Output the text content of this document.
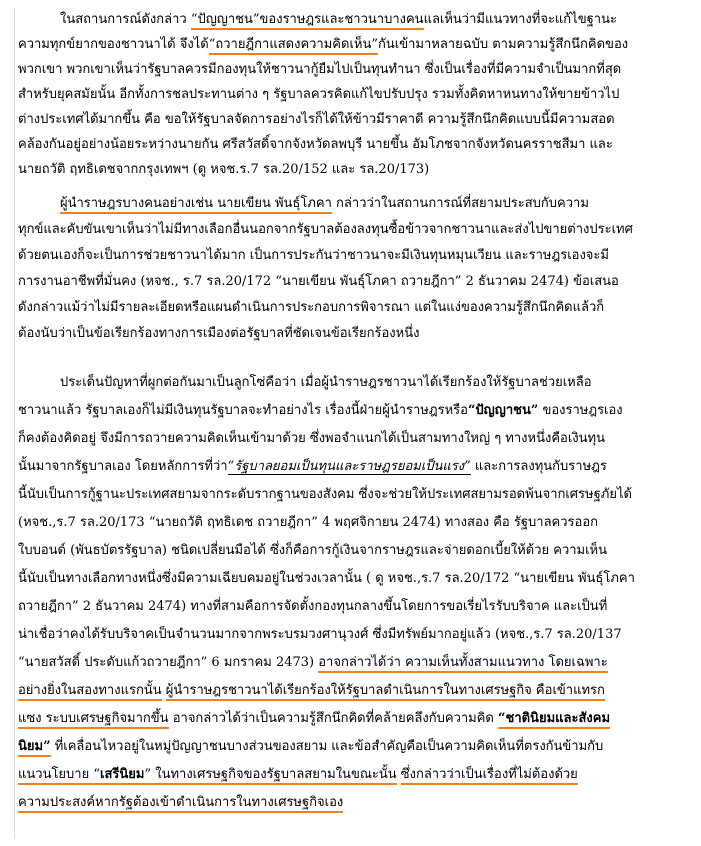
ในสถานการณ์ดังกล่าว “ปัญญาชน”ของราษฎรและชาวนาบางคนแลเห็นว่ามีแนวทางที่จะแก้ไขฐานะ
ความทุกข์ยากของชาวนาได้ จึงได้“ถวายฎีกาแสดงความคิดเห็น”กันเข้ามาหลายฉบับ ตามความรู้สึกนึกคิดของ
พวกเขา พวกเขาเห็นว่ารัฐบาลควรมีกองทุนให้ชาวนากู้ยืมไปเป็นทุนทำนา ซึ่งเป็นเรื่องที่มีความจำเป็นมากที่สุด
สำหรับยุคสมัยนั้น อีกทั้งการชลประทานต่าง ๆ รัฐบาลควรคิดแก้ไขปรับปรุง รวมทั้งคิดหาหนทางให้ขายข้าวไป
ต่างประเทศได้มากขึ้น คือ ขอให้รัฐบาลจัดการอย่างไรก็ได้ให้ข้าวมีราคาดี ความรู้สึกนึกคิดแบบนี้มีความสอด
คล้องกันอยู่อย่างน้อยระหว่างนายกัน ศรีสวัสดิ์จากจังหวัดลพบุรี นายขึ้น อัมโภชจากจังหวัดนครราชสีมา และ
นายถวัติ ฤทธิเดชจากกรุงเทพฯ (ดู หจช.ร.7 รล.20/152 และ รล.20/173)
ผู้นำราษฎรบางคนอย่างเช่น นายเขียน พันธุ์โภคา กล่าวว่าในสถานการณ์ที่สยามประสบกับความ
ทุกข์และคับขันเขาเห็นว่าไม่มีทางเลือกอื่นนอกจากรัฐบาลต้องลงทุนซื้อข้าวจากชาวนาและส่งไปขายต่างประเทศ
ด้วยตนเองก็จะเป็นการช่วยชาวนาได้มาก เป็นการประกันว่าชาวนาจะมีเงินทุนหมุนเวียน และราษฎรเองจะมี
การงานอาชีพที่มั่นคง (หจช., ร.7 รล.20/172 “นายเขียน พันธุ์โภคา ถวายฎีกา” 2 ธันวาคม 2474) ข้อเสนอ
ดังกล่าวแม้ว่าไม่มีรายละเอียดหรือแผนดำเนินการประกอบการพิจารณา แต่ในแง่ของความรู้สึกนึกคิดแล้วก็
ต้องนับว่าเป็นข้อเรียกร้องทางการเมืองต่อรัฐบาลที่ชัดเจนข้อเรียกร้องหนึ่ง
ประเด็นปัญหาที่ผูกต่อกันมาเป็นลูกโซ่คือว่า เมื่อผู้นำราษฎรชาวนาได้เรียกร้องให้รัฐบาลช่วยเหลือ
ชาวนาแล้ว รัฐบาลเองก็ไม่มีเงินทุนรัฐบาลจะทำอย่างไร เรื่องนี้ฝ่ายผู้นำราษฎรหรือ“ปัญญาชน” ของราษฎรเอง
ก็คงต้องคิดอยู่ จึงมีการถวายความคิดเห็นเข้ามาด้วย ซึ่งพอจำแนกได้เป็นสามทางใหญ่ ๆ ทางหนึ่งคือเงินทุน
นั้นมาจากรัฐบาลเอง โดยหลักการที่ว่า“รัฐบาลยอมเป็นทุนและราษฎรยอมเป็นแรง” และการลงทุนกับราษฎร
นี้นับเป็นการกู้ฐานะประเทศสยามจากระดับรากฐานของสังคม ซึ่งจะช่วยให้ประเทศสยามรอดพ้นจากเศรษฐภัยได้
(หจช.,ร.7 รล.20/173 “นายถวัติ ฤทธิเดช ถวายฎีกา” 4 พฤศจิกายน 2474) ทางสอง คือ รัฐบาลควรออก
ใบบอนด์ (พันธบัตรรัฐบาล) ชนิดเปลี่ยนมือได้ ซึ่งก็คือการกู้เงินจากราษฎรและจ่ายดอกเบี้ยให้ด้วย ความเห็น
นี้นับเป็นทางเลือกทางหนึ่งซึ่งมีความเฉียบคมอยู่ในช่วงเวลานั้น ( ดู หจช.,ร.7 รล.20/172 “นายเขียน พันธุ์โภคา
ถวายฎีกา” 2 ธันวาคม 2474) ทางที่สามคือการจัดตั้งกองทุนกลางขึ้นโดยการขอเรี่ยไรรับบริจาค และเป็นที่
น่าเชื่อว่าคงได้รับบริจาคเป็นจำนวนมากจากพระบรมวงศานุวงศ์ ซึ่งมีทรัพย์มากอยู่แล้ว (หจช.,ร.7 รล.20/137
“นายสวัสดิ์ ประดับแก้วถวายฎีกา” 6 มกราคม 2473) อาจกล่าวได้ว่า ความเห็นทั้งสามแนวทาง โดยเฉพาะ
อย่างยิ่งในสองทางแรกนั้น ผู้นำราษฎรชาวนาได้เรียกร้องให้รัฐบาลดำเนินการในทางเศรษฐกิจ คือเข้าแทรก
แซง ระบบเศรษฐกิจมากขึ้น อาจกล่าวได้ว่าเป็นความรู้สึกนึกคิดที่คล้ายคลึงกับความคิด “ชาตินิยมและสังคม
นิยม” ที่เคลื่อนไหวอยู่ในหมู่ปัญญาชนบางส่วนของสยาม และข้อสำคัญคือเป็นความคิดเห็นที่ตรงกันข้ามกับ
แนวนโยบาย “เสรีนิยม” ในทางเศรษฐกิจของรัฐบาลสยามในขณะนั้น ซึ่งกล่าวว่าเป็นเรื่องที่ไม่ต้องด้วย
ความประสงค์หากรัฐต้องเข้าดำเนินการในทางเศรษฐกิจเอง
